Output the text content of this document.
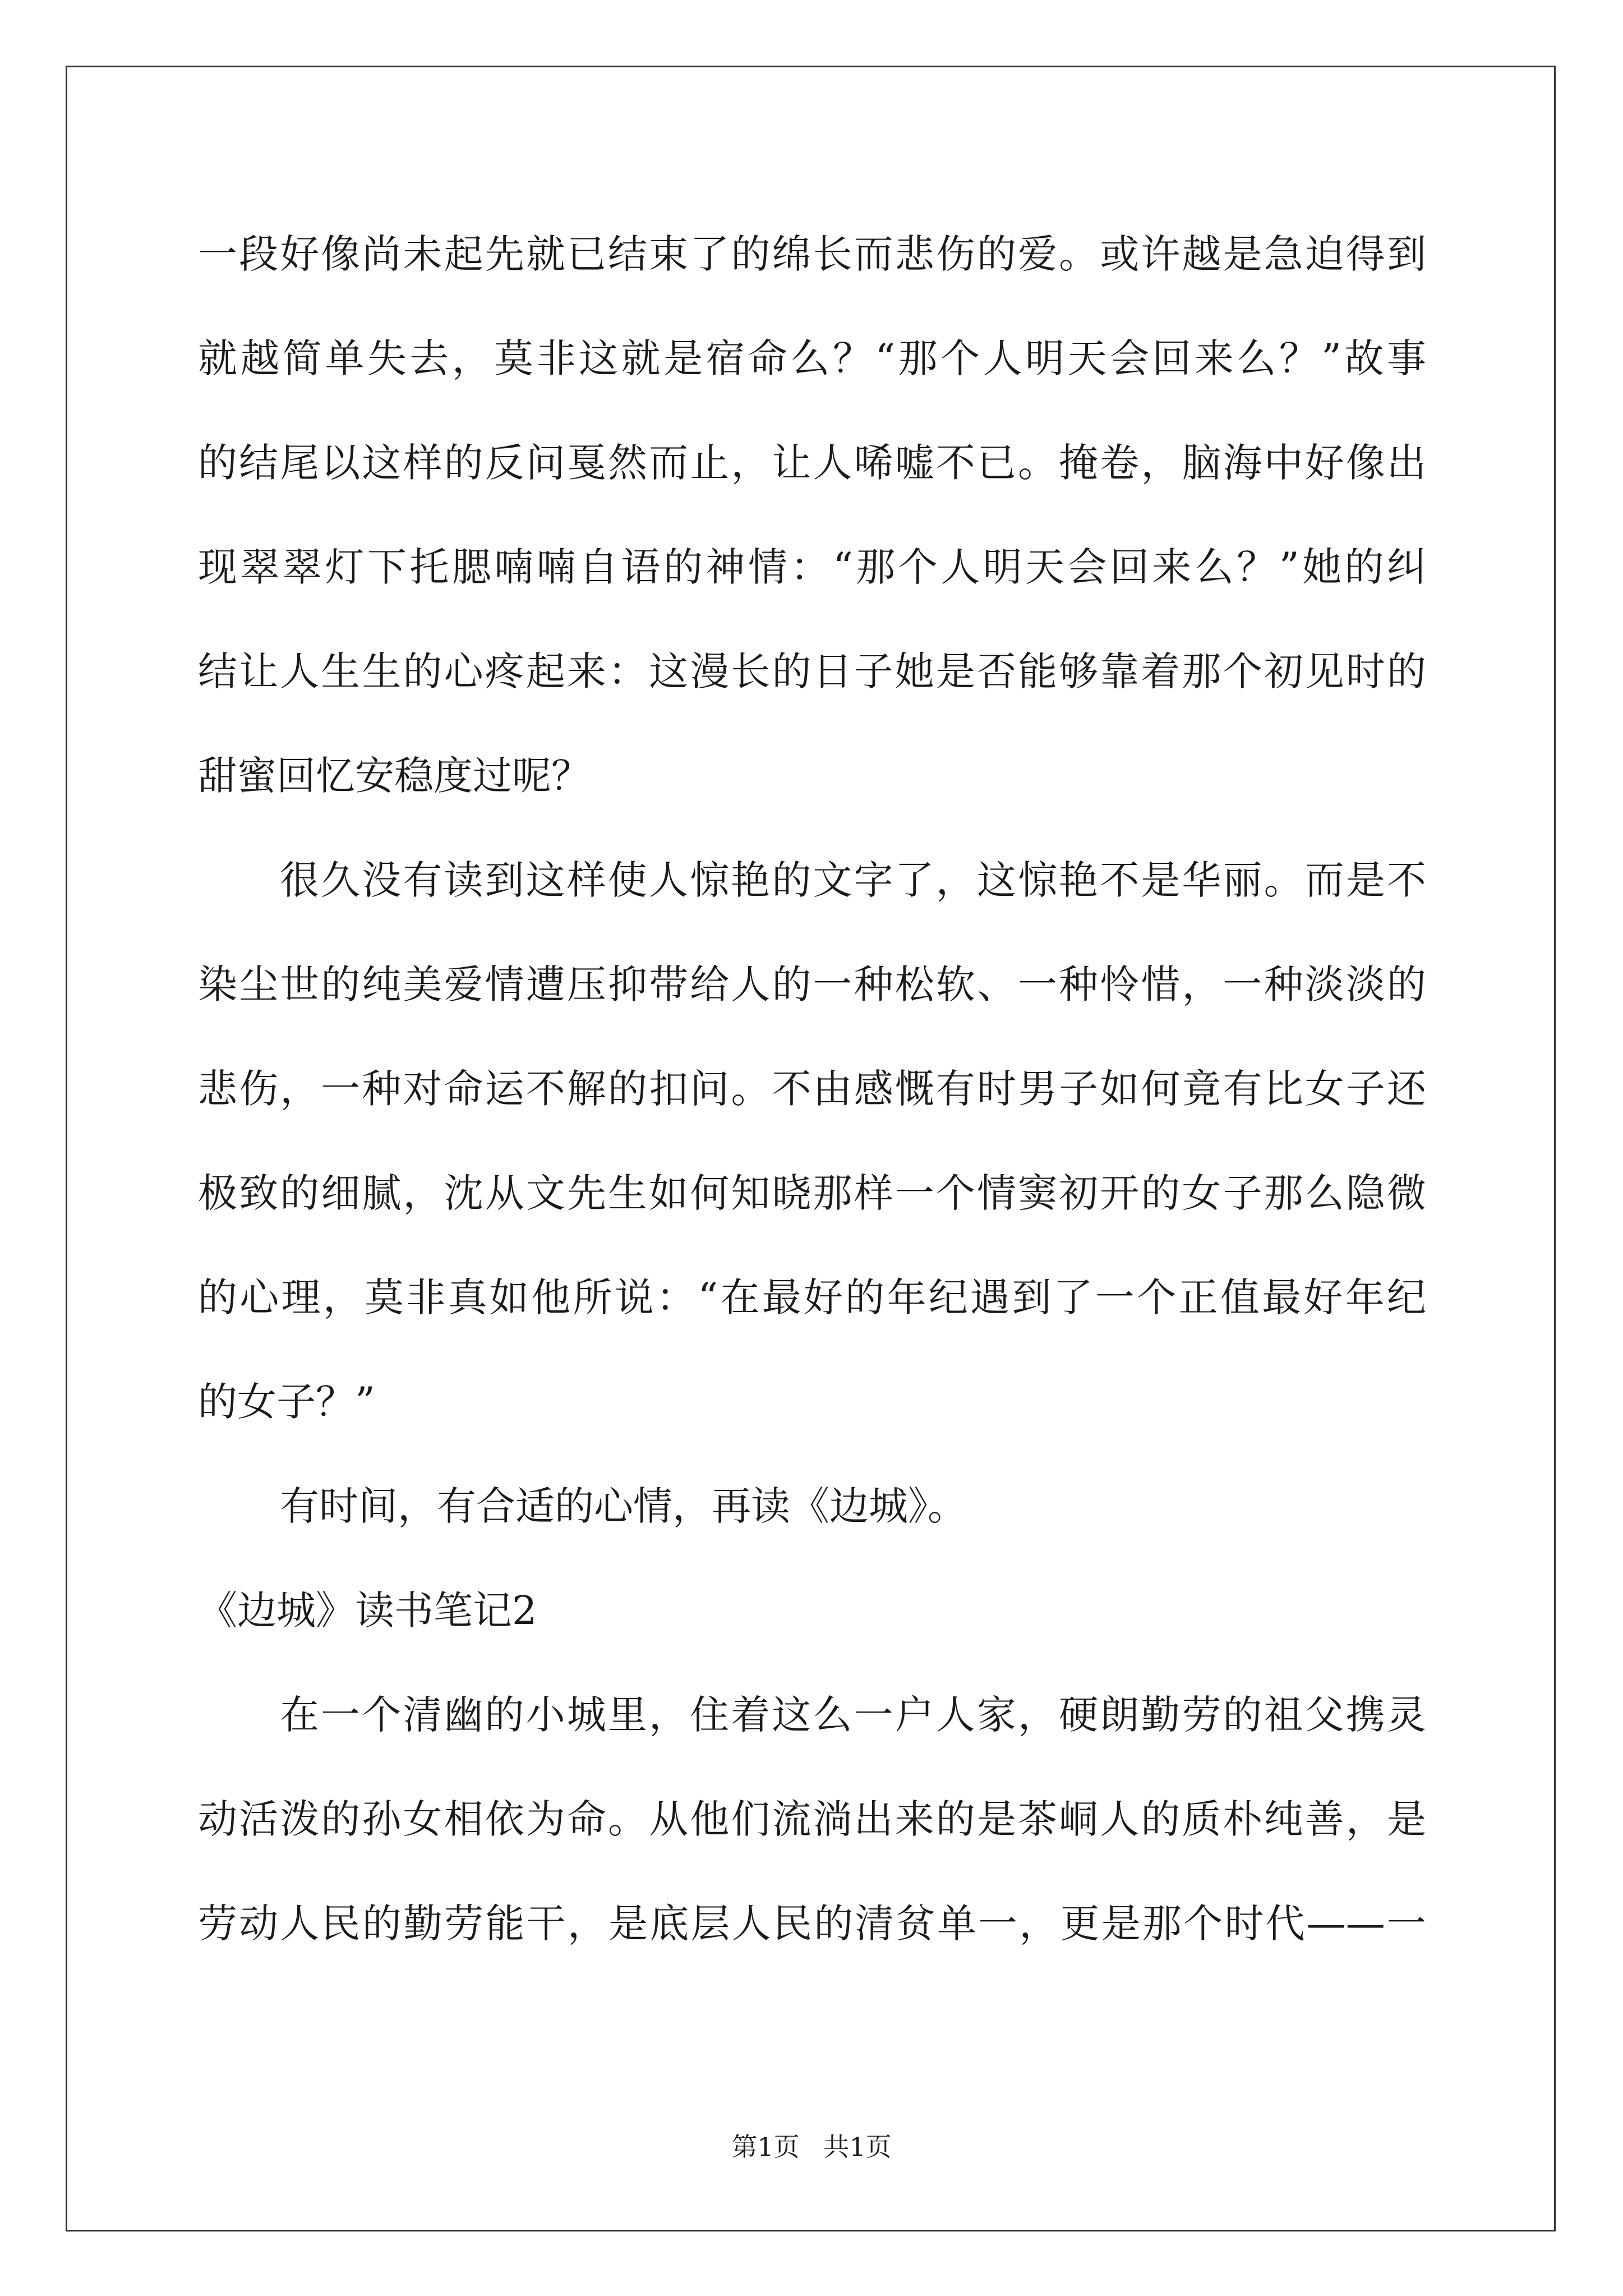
一段好像尚未起先就已结束了的绵长而悲伤的爱。或许越是急迫得到
就越简单失去，莫非这就是宿命么？“那个人明天会回来么？”故事
的结尾以这样的反问戛然而止，让人唏嘘不已。掩卷，脑海中好像出
现翠翠灯下托腮喃喃自语的神情：“那个人明天会回来么？”她的纠
结让人生生的心疼起来：这漫长的日子她是否能够靠着那个初见时的
甜蜜回忆安稳度过呢？
很久没有读到这样使人惊艳的文字了，这惊艳不是华丽。而是不
染尘世的纯美爱情遭压抑带给人的一种松软、一种怜惜，一种淡淡的
悲伤，一种对命运不解的扣问。不由感慨有时男子如何竟有比女子还
极致的细腻，沈从文先生如何知晓那样一个情窦初开的女子那么隐微
的心理，莫非真如他所说：“在最好的年纪遇到了一个正值最好年纪
的女子？”
有时间，有合适的心情，再读《边城》。
《边城》读书笔记2
在一个清幽的小城里，住着这么一户人家，硬朗勤劳的祖父携灵
动活泼的孙女相依为命。从他们流淌出来的是茶峒人的质朴纯善，是
劳动人民的勤劳能干，是底层人民的清贫单一，更是那个时代——一
第1页 共1页
